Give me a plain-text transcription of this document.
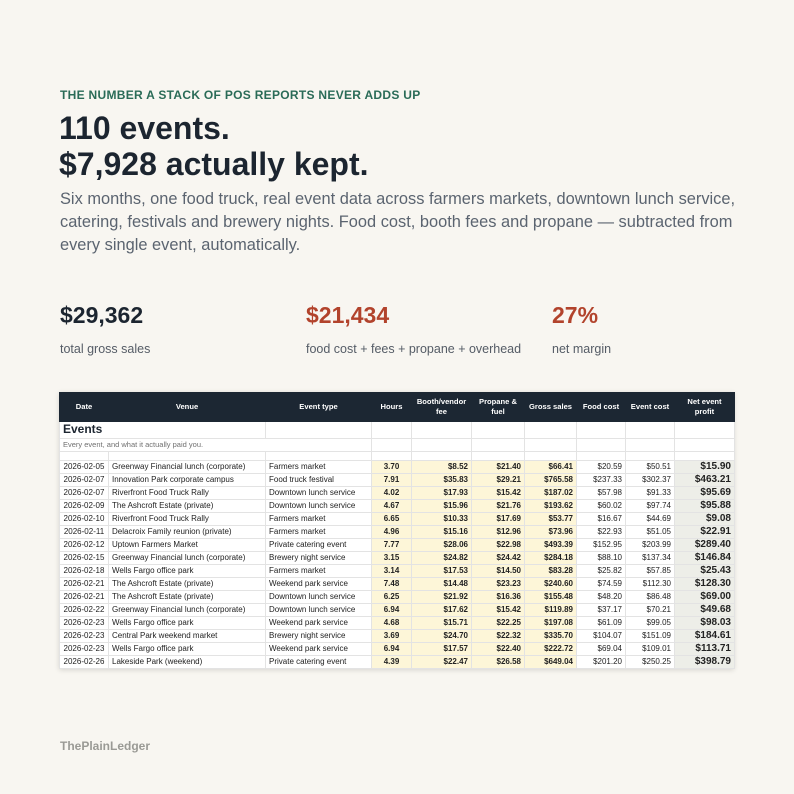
THE NUMBER A STACK OF POS REPORTS NEVER ADDS UP
110 events.
$7,928 actually kept.

Six months, one food truck, real event data across farmers markets, downtown lunch service, catering, festivals and brewery nights. Food cost, booth fees and propane — subtracted from every single event, automatically.

$29,362
total gross sales
$21,434
food cost + fees + propane + overhead
27%
net margin
Events									
Every event, and what it actually paid you.									

Date	Venue	Event type	Hours	Booth/vendor fee	Propane & fuel	Gross sales	Food cost	Event cost	Net event profit
2026-02-05	Greenway Financial lunch (corporate)	Farmers market	3.70	$8.52	$21.40	$66.41	$20.59	$50.51	$15.90
2026-02-07	Innovation Park corporate campus	Food truck festival	7.91	$35.83	$29.21	$765.58	$237.33	$302.37	$463.21
2026-02-07	Riverfront Food Truck Rally	Downtown lunch service	4.02	$17.93	$15.42	$187.02	$57.98	$91.33	$95.69
2026-02-09	The Ashcroft Estate (private)	Downtown lunch service	4.67	$15.96	$21.76	$193.62	$60.02	$97.74	$95.88
2026-02-10	Riverfront Food Truck Rally	Farmers market	6.65	$10.33	$17.69	$53.77	$16.67	$44.69	$9.08
2026-02-11	Delacroix Family reunion (private)	Farmers market	4.96	$15.16	$12.96	$73.96	$22.93	$51.05	$22.91
2026-02-12	Uptown Farmers Market	Private catering event	7.77	$28.06	$22.98	$493.39	$152.95	$203.99	$289.40
2026-02-15	Greenway Financial lunch (corporate)	Brewery night service	3.15	$24.82	$24.42	$284.18	$88.10	$137.34	$146.84
2026-02-18	Wells Fargo office park	Farmers market	3.14	$17.53	$14.50	$83.28	$25.82	$57.85	$25.43
2026-02-21	The Ashcroft Estate (private)	Weekend park service	7.48	$14.48	$23.23	$240.60	$74.59	$112.30	$128.30
2026-02-21	The Ashcroft Estate (private)	Downtown lunch service	6.25	$21.92	$16.36	$155.48	$48.20	$86.48	$69.00
2026-02-22	Greenway Financial lunch (corporate)	Downtown lunch service	6.94	$17.62	$15.42	$119.89	$37.17	$70.21	$49.68
2026-02-23	Wells Fargo office park	Weekend park service	4.68	$15.71	$22.25	$197.08	$61.09	$99.05	$98.03
2026-02-23	Central Park weekend market	Brewery night service	3.69	$24.70	$22.32	$335.70	$104.07	$151.09	$184.61
2026-02-23	Wells Fargo office park	Weekend park service	6.94	$17.57	$22.40	$222.72	$69.04	$109.01	$113.71
2026-02-26	Lakeside Park (weekend)	Private catering event	4.39	$22.47	$26.58	$649.04	$201.20	$250.25	$398.79
ThePlainLedger
